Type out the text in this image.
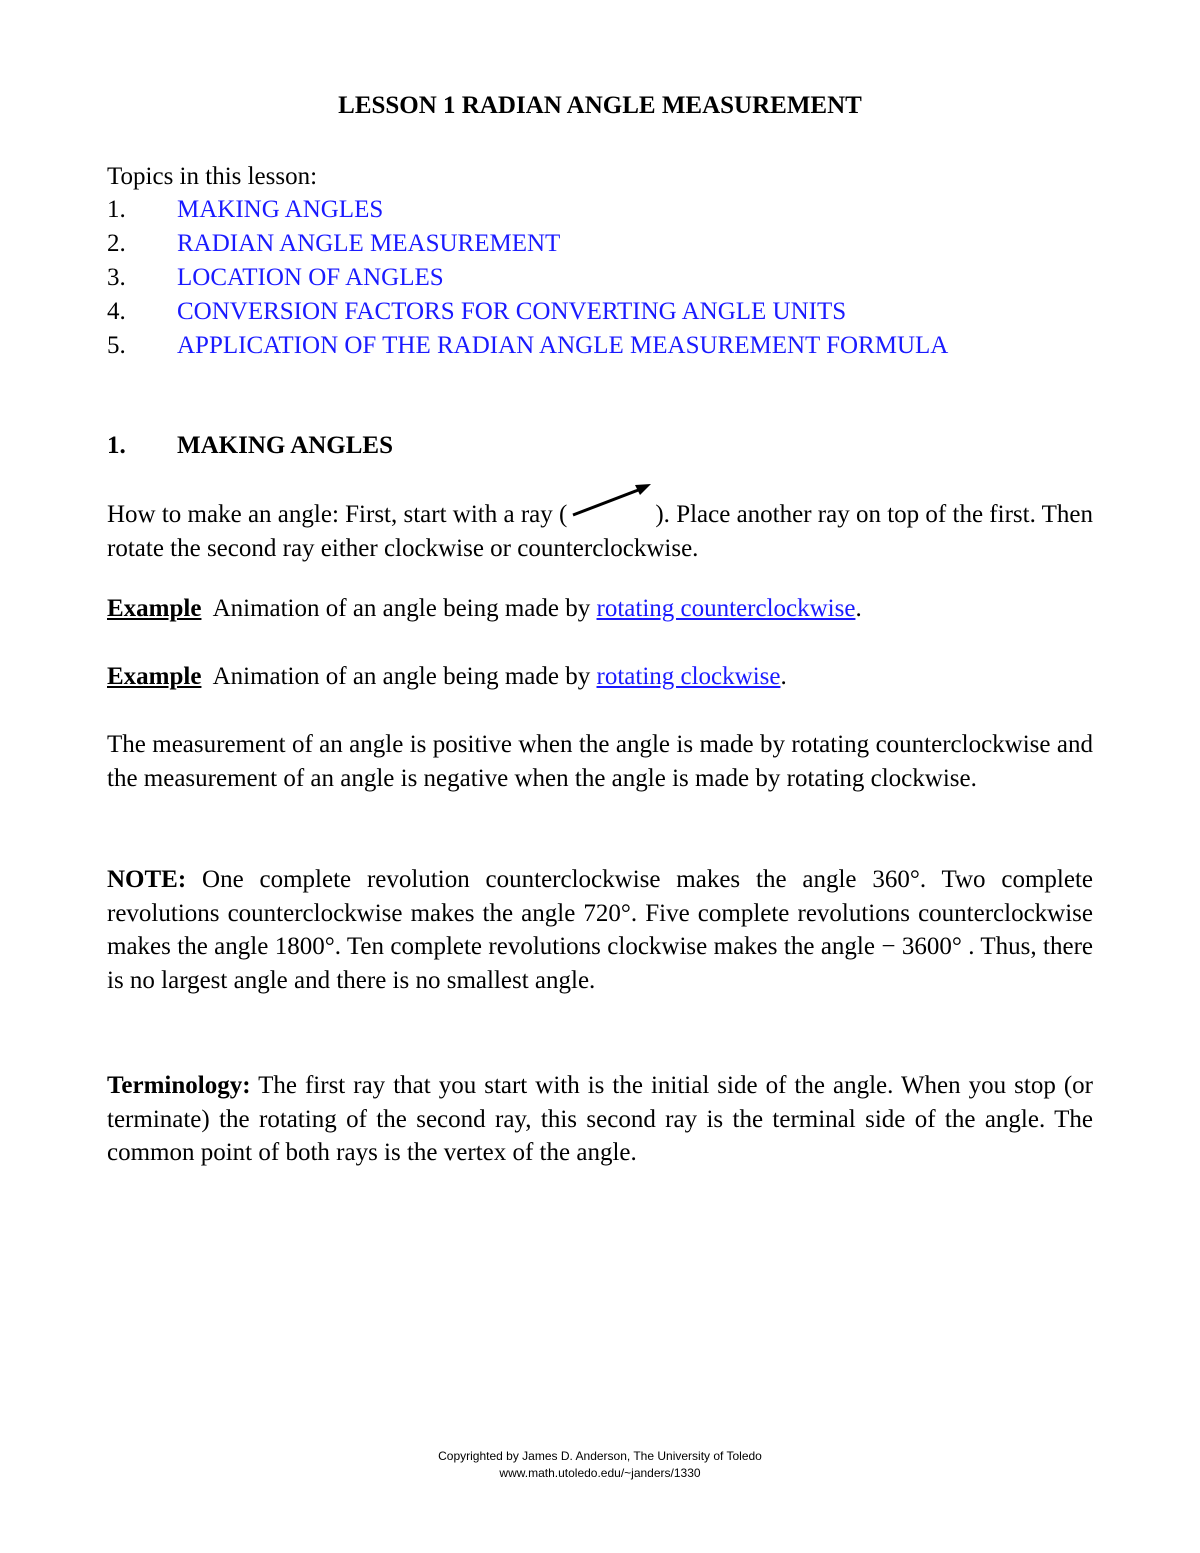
LESSON 1 RADIAN ANGLE MEASUREMENT
Topics in this lesson:
1. MAKING ANGLES
2. RADIAN ANGLE MEASUREMENT
3. LOCATION OF ANGLES
4. CONVERSION FACTORS FOR CONVERTING ANGLE UNITS
5. APPLICATION OF THE RADIAN ANGLE MEASUREMENT FORMULA
1. MAKING ANGLES
How to make an angle: First, start with a ray (	). Place another ray on top of the first. Then rotate the second ray either clockwise or counterclockwise.
Example  Animation of an angle being made by rotating counterclockwise.
Example  Animation of an angle being made by rotating clockwise.
The measurement of an angle is positive when the angle is made by rotating counterclockwise and the measurement of an angle is negative when the angle is made by rotating clockwise.
NOTE: One complete revolution counterclockwise makes the angle 360°. Two complete revolutions counterclockwise makes the angle 720°. Five complete revolutions counterclockwise makes the angle 1800°. Ten complete revolutions clockwise makes the angle − 3600° . Thus, there is no largest angle and there is no smallest angle.
Terminology: The first ray that you start with is the initial side of the angle. When you stop (or terminate) the rotating of the second ray, this second ray is the terminal side of the angle. The common point of both rays is the vertex of the angle.
Copyrighted by James D. Anderson, The University of Toledo
www.math.utoledo.edu/~janders/1330
